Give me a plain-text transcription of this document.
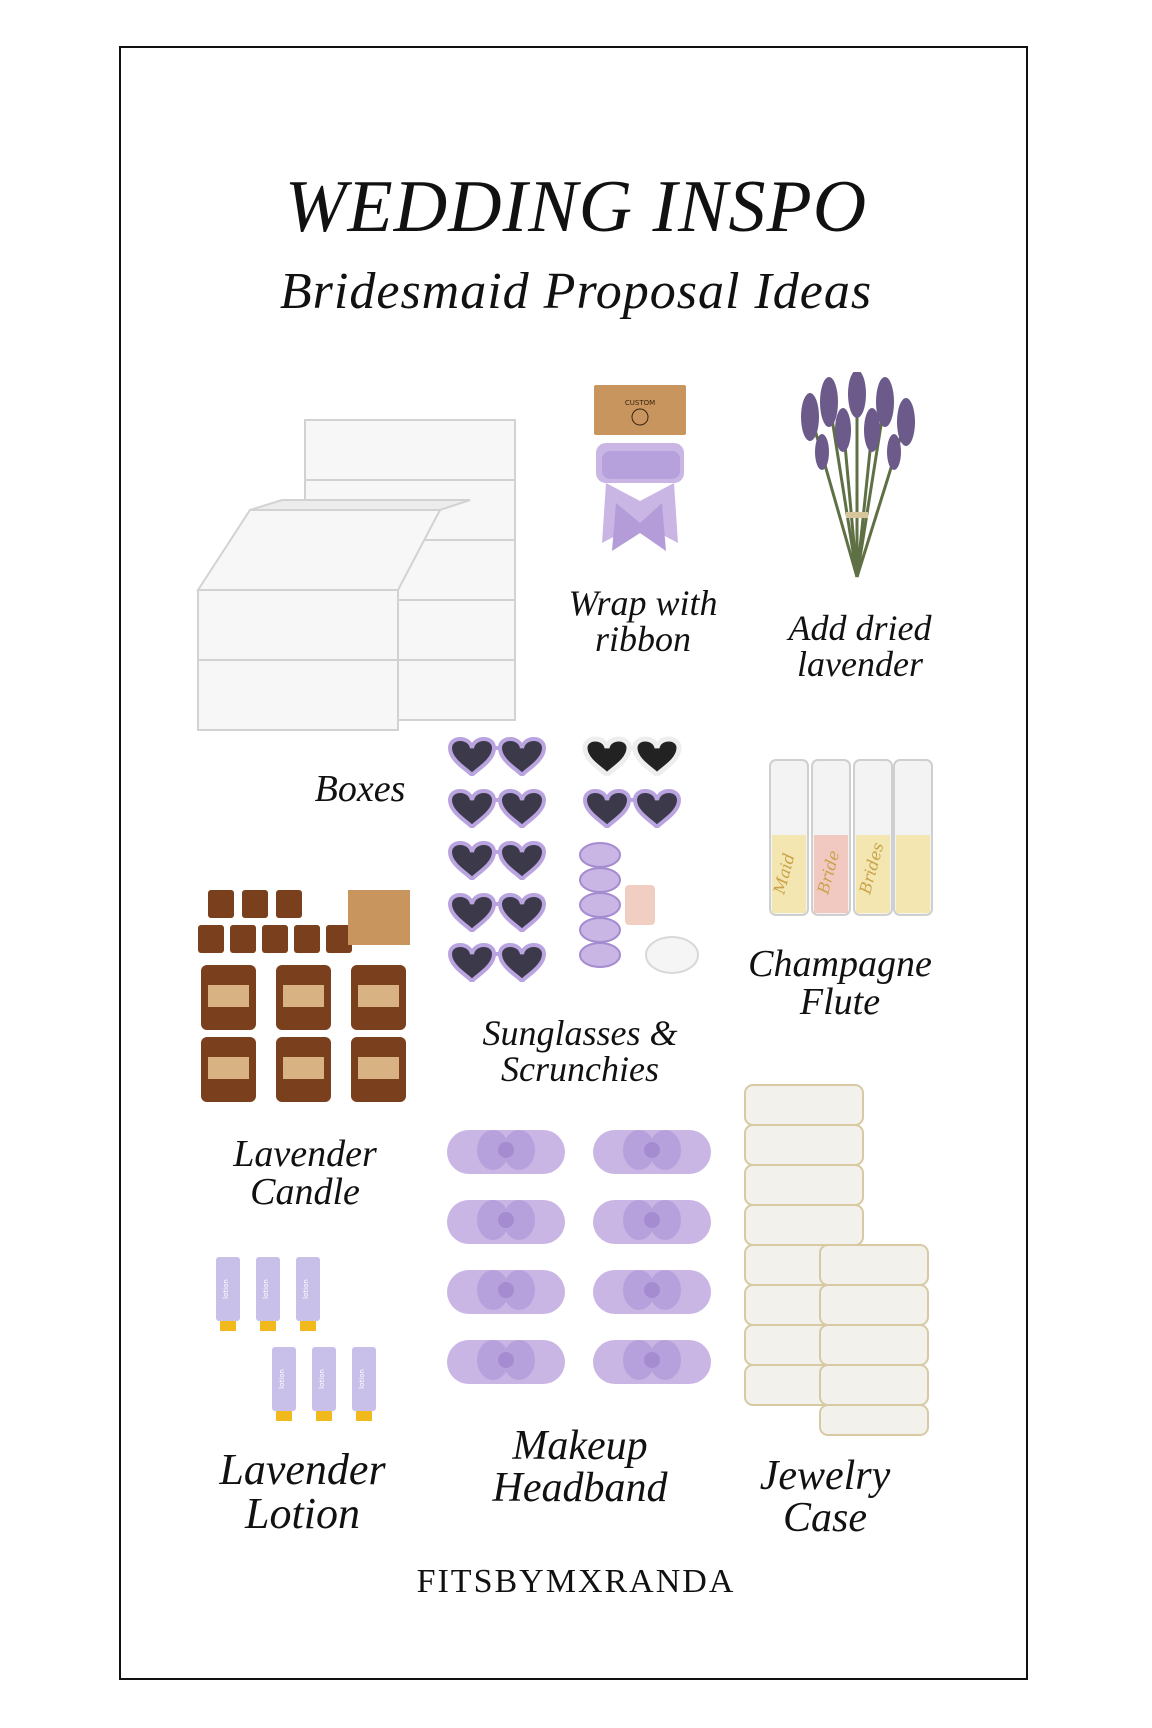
WEDDING INSPO
Bridesmaid Proposal Ideas
Boxes
CUSTOM
Wrap with
ribbon	Add dried
lavender
Sunglasses &
Scrunchies
Maid Bride Brides
Champagne
Flute
Lavender
Candle
Makeup
Headband	Jewelry
Case
Lavender
Lotion
FITSBYMXRANDA
